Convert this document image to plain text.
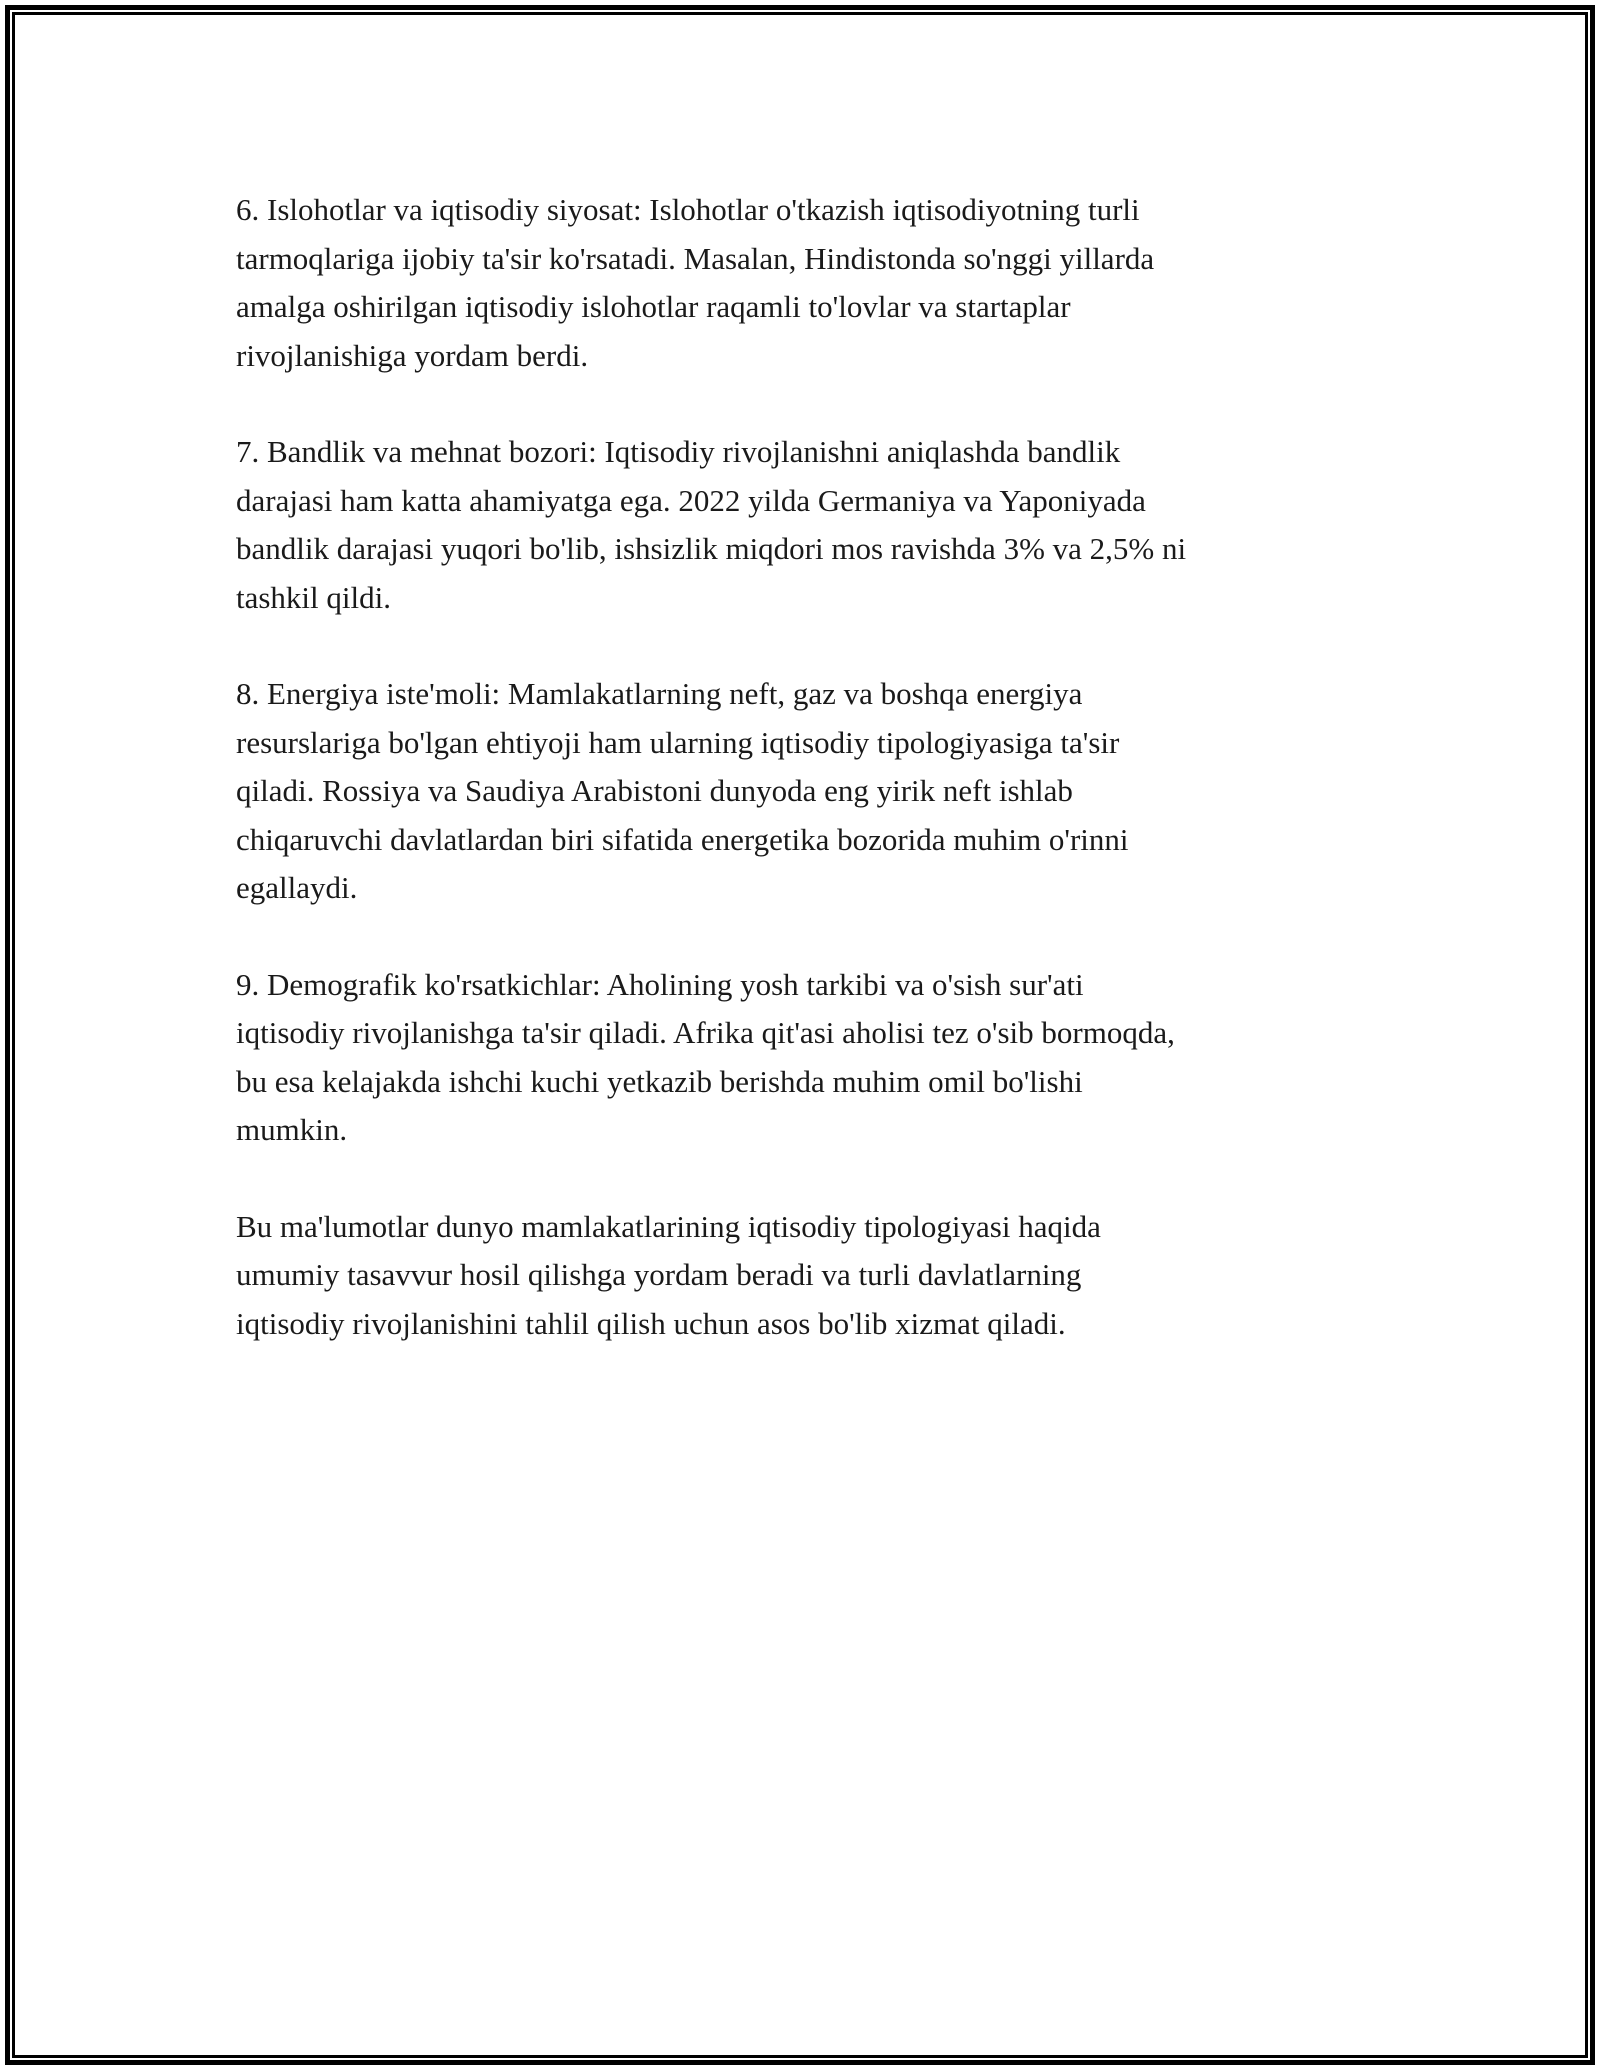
6. Islohotlar va iqtisodiy siyosat: Islohotlar o'tkazish iqtisodiyotning turli
tarmoqlariga ijobiy ta'sir ko'rsatadi. Masalan, Hindistonda so'nggi yillarda
amalga oshirilgan iqtisodiy islohotlar raqamli to'lovlar va startaplar
rivojlanishiga yordam berdi.

7. Bandlik va mehnat bozori: Iqtisodiy rivojlanishni aniqlashda bandlik
darajasi ham katta ahamiyatga ega. 2022 yilda Germaniya va Yaponiyada
bandlik darajasi yuqori bo'lib, ishsizlik miqdori mos ravishda 3% va 2,5% ni
tashkil qildi.

8. Energiya iste'moli: Mamlakatlarning neft, gaz va boshqa energiya
resurslariga bo'lgan ehtiyoji ham ularning iqtisodiy tipologiyasiga ta'sir
qiladi. Rossiya va Saudiya Arabistoni dunyoda eng yirik neft ishlab
chiqaruvchi davlatlardan biri sifatida energetika bozorida muhim o'rinni
egallaydi.

9. Demografik ko'rsatkichlar: Aholining yosh tarkibi va o'sish sur'ati
iqtisodiy rivojlanishga ta'sir qiladi. Afrika qit'asi aholisi tez o'sib bormoqda,
bu esa kelajakda ishchi kuchi yetkazib berishda muhim omil bo'lishi
mumkin.

Bu ma'lumotlar dunyo mamlakatlarining iqtisodiy tipologiyasi haqida
umumiy tasavvur hosil qilishga yordam beradi va turli davlatlarning
iqtisodiy rivojlanishini tahlil qilish uchun asos bo'lib xizmat qiladi.
